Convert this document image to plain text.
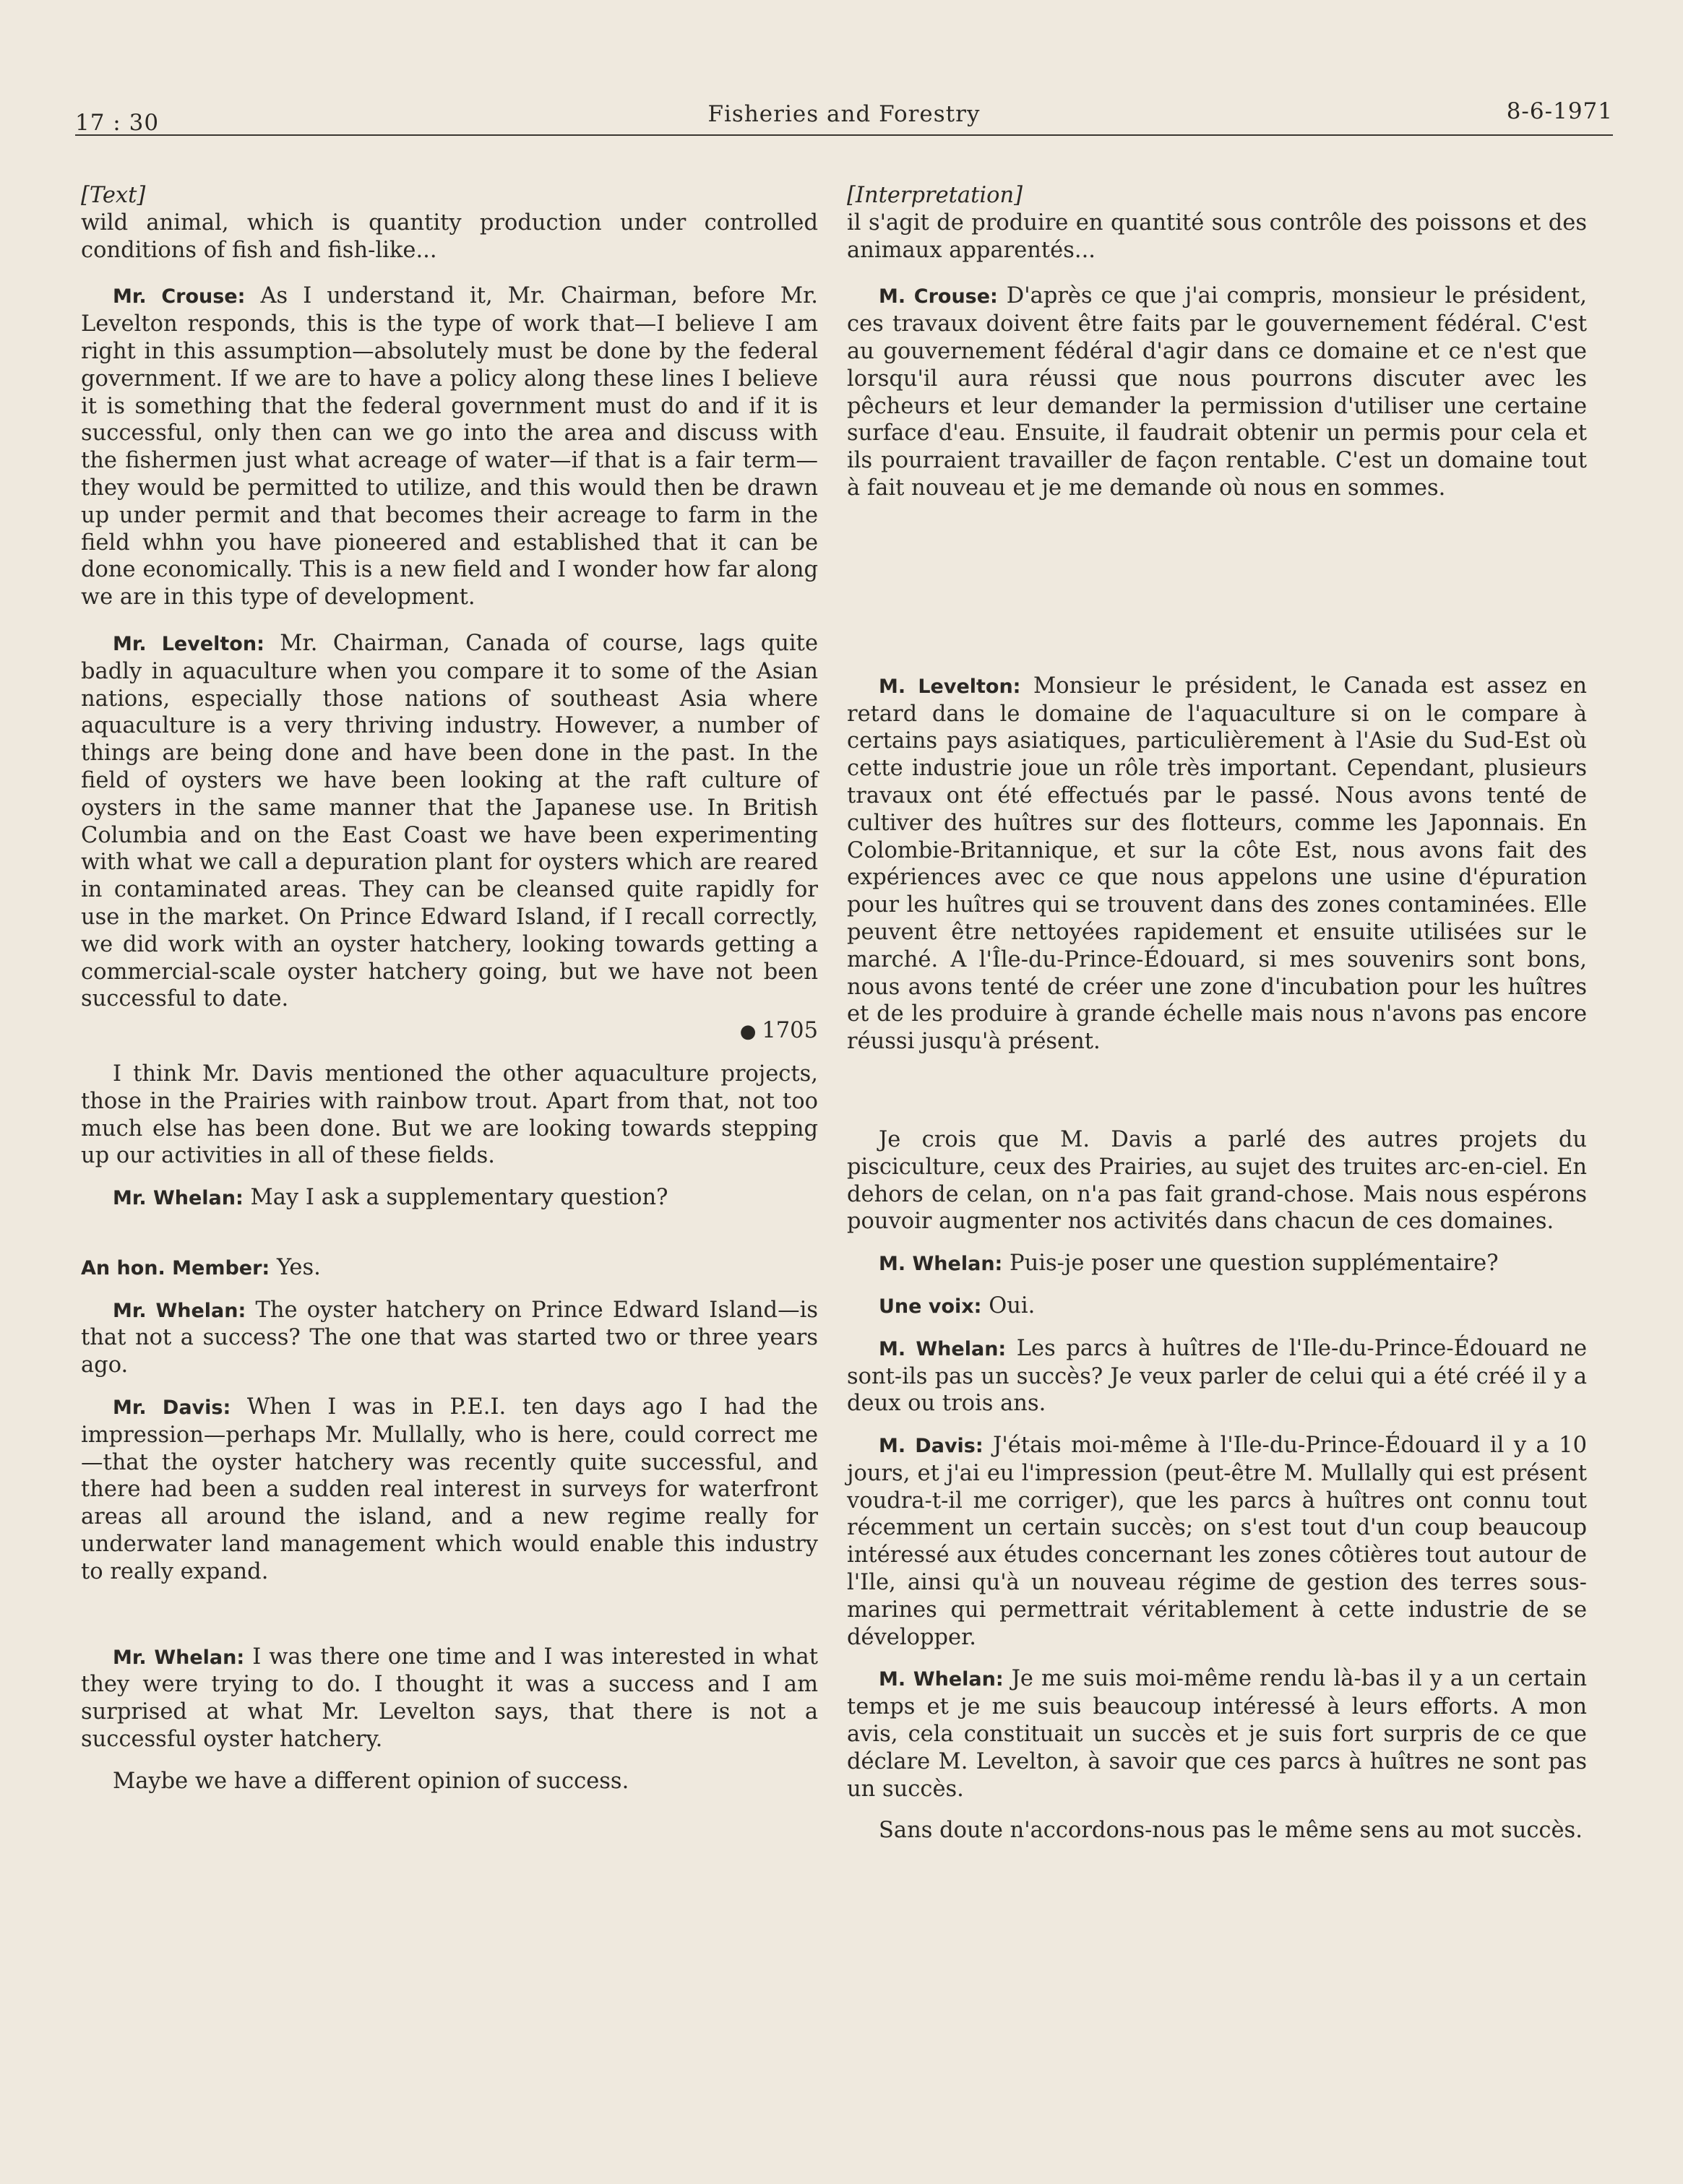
17 : 30	Fisheries and Forestry	8-6-1971

[Text]

wild animal, which is quantity production under controlled conditions of fish and fish-like...

Mr. Crouse: As I understand it, Mr. Chairman, before Mr. Levelton responds, this is the type of work that—I believe I am right in this assumption—absolutely must be done by the federal government. If we are to have a policy along these lines I believe it is something that the federal government must do and if it is successful, only then can we go into the area and discuss with the fishermen just what acreage of water—if that is a fair term—they would be permitted to utilize, and this would then be drawn up under permit and that becomes their acreage to farm in the field whhn you have pioneered and established that it can be done economically. This is a new field and I wonder how far along we are in this type of development.

Mr. Levelton: Mr. Chairman, Canada of course, lags quite badly in aquaculture when you compare it to some of the Asian nations, especially those nations of southeast Asia where aquaculture is a very thriving industry. However, a number of things are being done and have been done in the past. In the field of oysters we have been looking at the raft culture of oysters in the same manner that the Japanese use. In British Columbia and on the East Coast we have been experimenting with what we call a depuration plant for oysters which are reared in contaminated areas. They can be cleansed quite rapidly for use in the market. On Prince Edward Island, if I recall correctly, we did work with an oyster hatchery, looking towards getting a commercial-scale oyster hatchery going, but we have not been successful to date.

● 1705

I think Mr. Davis mentioned the other aquaculture projects, those in the Prairies with rainbow trout. Apart from that, not too much else has been done. But we are looking towards stepping up our activities in all of these fields.

Mr. Whelan: May I ask a supplementary question?

An hon. Member: Yes.

Mr. Whelan: The oyster hatchery on Prince Edward Island—is that not a success? The one that was started two or three years ago.

Mr. Davis: When I was in P.E.I. ten days ago I had the impression—perhaps Mr. Mullally, who is here, could correct me—that the oyster hatchery was recently quite successful, and there had been a sudden real interest in surveys for waterfront areas all around the island, and a new regime really for underwater land management which would enable this industry to really expand.

Mr. Whelan: I was there one time and I was interested in what they were trying to do. I thought it was a success and I am surprised at what Mr. Levelton says, that there is not a successful oyster hatchery.

Maybe we have a different opinion of success.

[Interpretation]

il s'agit de produire en quantité sous contrôle des poissons et des animaux apparentés...

M. Crouse: D'après ce que j'ai compris, monsieur le président, ces travaux doivent être faits par le gouvernement fédéral. C'est au gouvernement fédéral d'agir dans ce domaine et ce n'est que lorsqu'il aura réussi que nous pourrons discuter avec les pêcheurs et leur demander la permission d'utiliser une certaine surface d'eau. Ensuite, il faudrait obtenir un permis pour cela et ils pourraient travailler de façon rentable. C'est un domaine tout à fait nouveau et je me demande où nous en sommes.

M. Levelton: Monsieur le président, le Canada est assez en retard dans le domaine de l'aquaculture si on le compare à certains pays asiatiques, particulièrement à l'Asie du Sud-Est où cette industrie joue un rôle très important. Cependant, plusieurs travaux ont été effectués par le passé. Nous avons tenté de cultiver des huîtres sur des flotteurs, comme les Japonnais. En Colombie-Britannique, et sur la côte Est, nous avons fait des expériences avec ce que nous appelons une usine d'épuration pour les huîtres qui se trouvent dans des zones contaminées. Elle peuvent être nettoyées rapidement et ensuite utilisées sur le marché. A l'Île-du-Prince-Édouard, si mes souvenirs sont bons, nous avons tenté de créer une zone d'incubation pour les huîtres et de les produire à grande échelle mais nous n'avons pas encore réussi jusqu'à présent.

Je crois que M. Davis a parlé des autres projets du pisciculture, ceux des Prairies, au sujet des truites arc-en-ciel. En dehors de celan, on n'a pas fait grand-chose. Mais nous espérons pouvoir augmenter nos activités dans chacun de ces domaines.

M. Whelan: Puis-je poser une question supplémentaire?

Une voix: Oui.

M. Whelan: Les parcs à huîtres de l'Ile-du-Prince-Édouard ne sont-ils pas un succès? Je veux parler de celui qui a été créé il y a deux ou trois ans.

M. Davis: J'étais moi-même à l'Ile-du-Prince-Édouard il y a 10 jours, et j'ai eu l'impression (peut-être M. Mullally qui est présent voudra-t-il me corriger), que les parcs à huîtres ont connu tout récemment un certain succès; on s'est tout d'un coup beaucoup intéressé aux études concernant les zones côtières tout autour de l'Ile, ainsi qu'à un nouveau régime de gestion des terres sous-marines qui permettrait véritablement à cette industrie de se développer.

M. Whelan: Je me suis moi-même rendu là-bas il y a un certain temps et je me suis beaucoup intéressé à leurs efforts. A mon avis, cela constituait un succès et je suis fort surpris de ce que déclare M. Levelton, à savoir que ces parcs à huîtres ne sont pas un succès.

Sans doute n'accordons-nous pas le même sens au mot succès.
